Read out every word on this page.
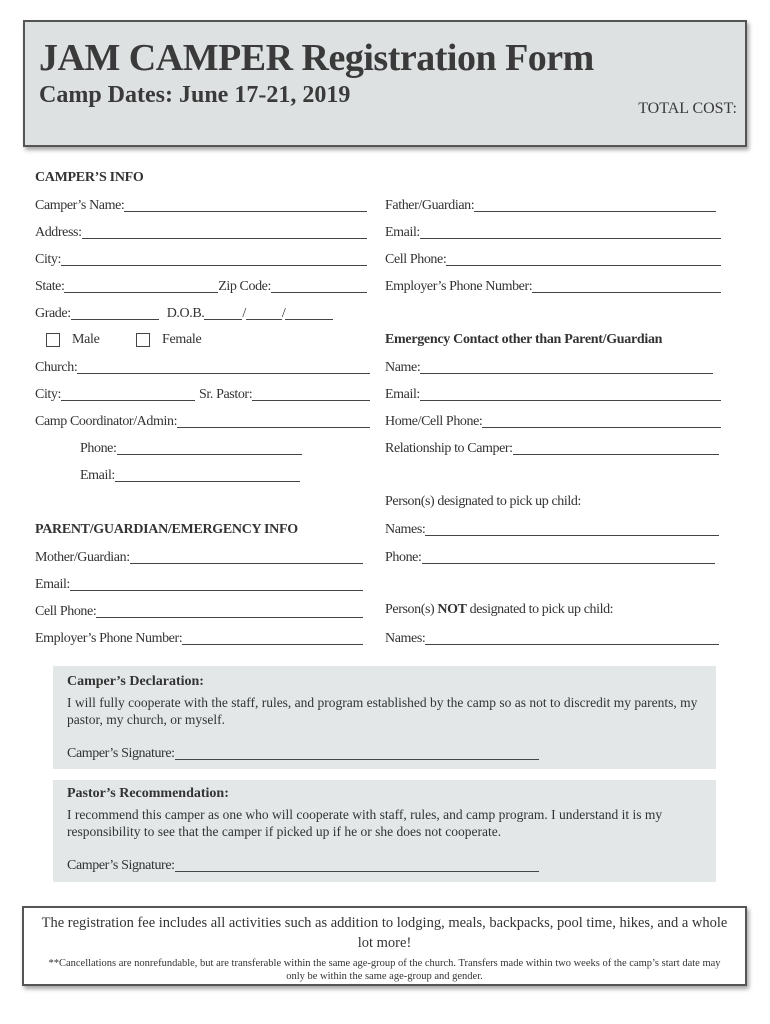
JAM CAMPER Registration Form
Camp Dates: June 17-21, 2019
TOTAL COST:
CAMPER’S INFO
Camper’s Name:
Address:
City:
State:	Zip Code:
Grade:	D.O.B.	/	/
Male	Female
Church:
City:	Sr. Pastor:
Camp Coordinator/Admin:
Phone:
Email:
PARENT/GUARDIAN/EMERGENCY INFO
Mother/Guardian:
Email:
Cell Phone:
Employer’s Phone Number:
Father/Guardian:
Email:
Cell Phone:
Employer’s Phone Number:
Emergency Contact other than Parent/Guardian
Name:
Email:
Home/Cell Phone:
Relationship to Camper:
Person(s) designated to pick up child:
Names:
Phone:
Person(s) NOT designated to pick up child:
Names:
Camper’s Declaration:
I will fully cooperate with the staff, rules, and program established by the camp so as not to discredit my parents, my pastor, my church, or myself.
Camper’s Signature:
Pastor’s Recommendation:
I recommend this camper as one who will cooperate with staff, rules, and camp program. I understand it is my responsibility to see that the camper if picked up if he or she does not cooperate.
Camper’s Signature:
The registration fee includes all activities such as addition to lodging, meals, backpacks, pool time, hikes, and a whole lot more!
**Cancellations are nonrefundable, but are transferable within the same age-group of the church. Transfers made within two weeks of the camp’s start date may only be within the same age-group and gender.
